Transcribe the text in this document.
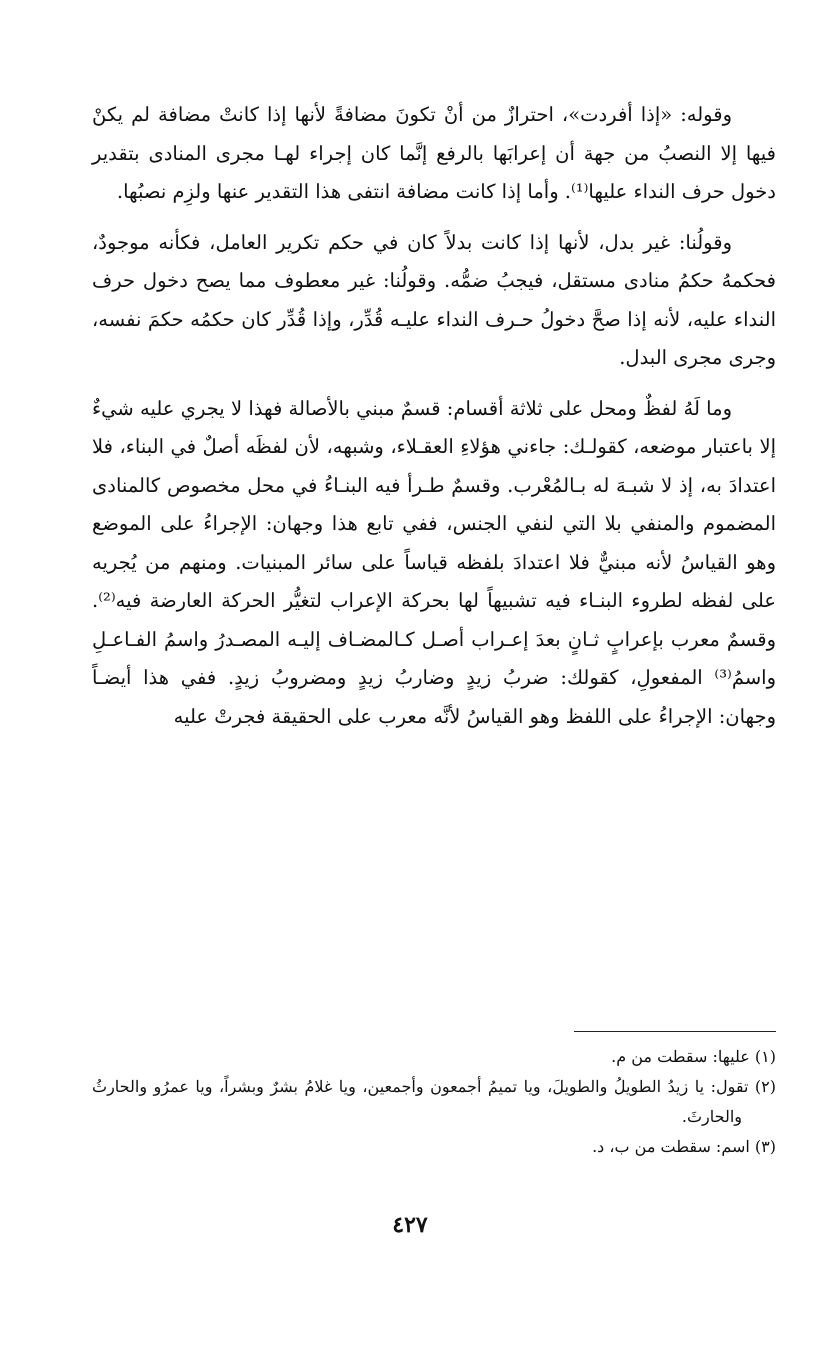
وقوله: «إذا أفردت»، احترازٌ من أنْ تكونَ مضافةً لأنها إذا كانتْ مضافة لم يكنْ فيها إلا النصبُ من جهة أن إعرابَها بالرفع إنَّما كان إجراء لهـا مجرى المنادى بتقدير دخول حرف النداء عليها⁽¹⁾. وأما إذا كانت مضافة انتفى هذا التقدير عنها ولزِم نصبُها.

وقولُنا: غير بدل، لأنها إذا كانت بدلاً كان في حكم تكرير العامل، فكأنه موجودٌ، فحكمهُ حكمُ منادى مستقل، فيجبُ ضمُّه. وقولُنا: غير معطوف مما يصح دخول حرف النداء عليه، لأنه إذا صحَّ دخولُ حـرف النداء عليـه قُدِّر، وإذا قُدِّر كان حكمُه حكمَ نفسه، وجرى مجرى البدل.

وما لَهُ لفظٌ ومحل على ثلاثة أقسام: قسمٌ مبني بالأصالة فهذا لا يجري عليه شيءٌ إلا باعتبار موضعه، كقولـك: جاءني هؤلاءِ العقـلاء، وشبهه، لأن لفظَه أصلٌ في البناء، فلا اعتدادَ به، إذ لا شبـهَ له بـالمُعْرب. وقسمٌ طـرأ فيه البنـاءُ في محل مخصوص كالمنادى المضموم والمنفي بلا التي لنفي الجنس، ففي تابع هذا وجهان: الإجراءُ على الموضع وهو القياسُ لأنه مبنيٌّ فلا اعتدادَ بلفظه قياساً على سائر المبنيات. ومنهم من يُجريه على لفظه لطروء البنـاء فيه تشبيهاً لها بحركة الإعراب لتغيُّر الحركة العارضة فيه⁽²⁾. وقسمٌ معرب بإعرابٍ ثـانٍ بعدَ إعـراب أصـل كـالمضـاف إليـه المصـدرُ واسمُ الفـاعـلِ واسمُ⁽³⁾ المفعولِ، كقولك: ضربُ زيدٍ وضاربُ زيدٍ ومضروبُ زيدٍ. ففي هذا أيضـاً وجهان: الإجراءُ على اللفظ وهو القياسُ لأنَّه معرب على الحقيقة فجرتْ عليه

(١) عليها: سقطت من م.

(٢) تقول: يا زيدُ الطويلُ والطويلَ، ويا تميمُ أجمعون وأجمعين، ويا غلامُ بشرٌ وبشراً، ويا عمرُو والحارثُ والحارثَ.

(٣) اسم: سقطت من ب، د.

٤٢٧
